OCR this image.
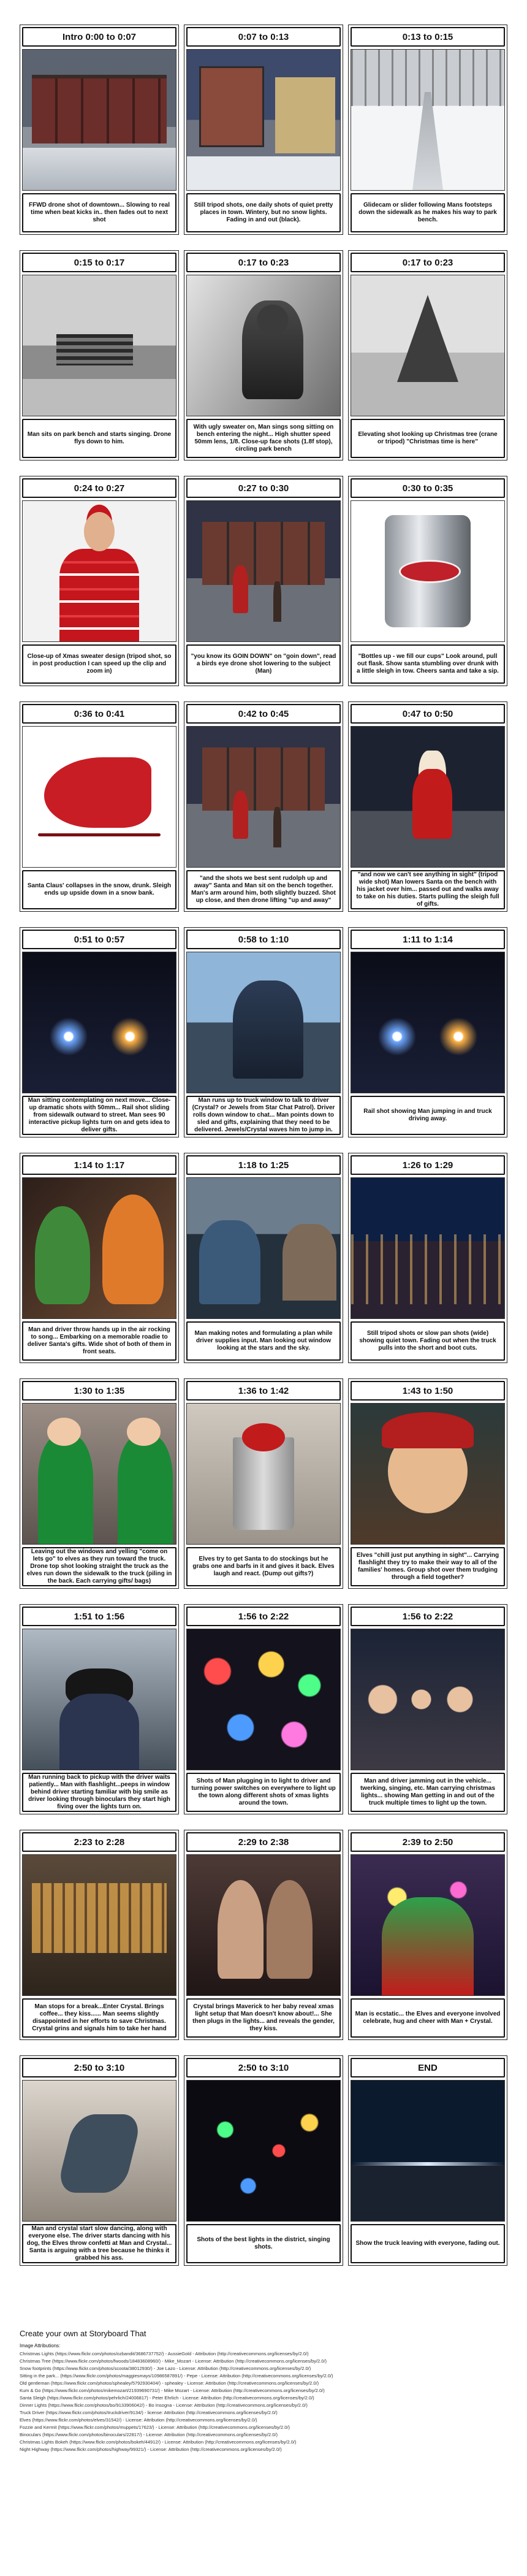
Intro 0:00 to 0:07
FFWD drone shot of downtown... Slowing to real time when beat kicks in.. then fades out to next shot
0:07 to 0:13
Still tripod shots, one daily shots of quiet pretty places in town. Wintery, but no snow lights. Fading in and out (black).
0:13 to 0:15
Glidecam or slider following Mans footsteps down the sidewalk as he makes his way to park bench.
0:15 to 0:17
Man sits on park bench and starts singing. Drone flys down to him.
0:17 to 0:23
With ugly sweater on, Man sings song sitting on bench entering the night... High shutter speed 50mm lens, 1/8. Close-up face shots (1.8f stop), circling park bench
0:17 to 0:23
Elevating shot looking up Christmas tree (crane or tripod) "Christmas time is here"
0:24 to 0:27
Close-up of Xmas sweater design (tripod shot, so in post production I can speed up the clip and zoom in)
0:27 to 0:30
"you know its GOIN DOWN" on "goin down", read a birds eye drone shot lowering to the subject (Man)
0:30 to 0:35
"Bottles up - we fill our cups" Look around, pull out flask. Show santa stumbling over drunk with a little sleigh in tow. Cheers santa and take a sip.
0:36 to 0:41
Santa Claus' collapses in the snow, drunk. Sleigh ends up upside down in a snow bank.
0:42 to 0:45
"and the shots we best sent rudolph up and away" Santa and Man sit on the bench together. Man's arm around him, both slightly buzzed. Shot up close, and then drone lifting "up and away"
0:47 to 0:50
"and now we can't see anything in sight" (tripod wide shot) Man lowers Santa on the bench with his jacket over him... passed out and walks away to take on his duties. Starts pulling the sleigh full of gifts.
0:51 to 0:57
Man sitting contemplating on next move... Close-up dramatic shots with 50mm... Rail shot sliding from sidewalk outward to street. Man sees 90 interactive pickup lights turn on and gets idea to deliver gifts.
0:58 to 1:10
Man runs up to truck window to talk to driver (Crystal? or Jewels from Star Chat Patrol). Driver rolls down window to chat... Man points down to sled and gifts, explaining that they need to be delivered. Jewels/Crystal waves him to jump in.
1:11 to 1:14
Rail shot showing Man jumping in and truck driving away.
1:14 to 1:17
Man and driver throw hands up in the air rocking to song... Embarking on a memorable roadie to deliver Santa's gifts. Wide shot of both of them in front seats.
1:18 to 1:25
Man making notes and formulating a plan while driver supplies input. Man looking out window looking at the stars and the sky.
1:26 to 1:29
Still tripod shots or slow pan shots (wide) showing quiet town. Fading out when the truck pulls into the short and boot cuts.
1:30 to 1:35
Leaving out the windows and yelling "come on lets go" to elves as they run toward the truck. Drone top shot looking straight the truck as the elves run down the sidewalk to the truck (piling in the back. Each carrying gifts/ bags)
1:36 to 1:42
Elves try to get Santa to do stockings but he grabs one and barfs in it and gives it back. Elves laugh and react. (Dump out gifts?)
1:43 to 1:50
Elves "chill just put anything in sight"... Carrying flashlight they try to make their way to all of the families' homes. Group shot over them trudging through a field together?
1:51 to 1:56
Man running back to pickup with the driver waits patiently... Man with flashlight...peeps in window behind driver starting familiar with big smile as driver looking through binoculars they start high fiving over the lights turn on.
1:56 to 2:22
Shots of Man plugging in to light to driver and turning power switches on everywhere to light up the town along different shots of xmas lights around the town.
1:56 to 2:22
Man and driver jamming out in the vehicle... twerking, singing, etc. Man carrying christmas lights... showing Man getting in and out of the truck multiple times to light up the town.
2:23 to 2:28
Man stops for a break...Enter Crystal. Brings coffee... they kiss...... Man seems slightly disappointed in her efforts to save Christmas. Crystal grins and signals him to take her hand
2:29 to 2:38
Crystal brings Maverick to her baby reveal xmas light setup that Man doesn't know about!... She then plugs in the lights... and reveals the gender, they kiss.
2:39 to 2:50
Man is ecstatic... the Elves and everyone involved celebrate, hug and cheer with Man + Crystal.
2:50 to 3:10
Man and crystal start slow dancing, along with everyone else. The driver starts dancing with his dog, the Elves throw confetti at Man and Crystal... Santa is arguing with a tree because he thinks it grabbed his ass.
2:50 to 3:10
Shots of the best lights in the district, singing shots.
END
Show the truck leaving with everyone, fading out.
Create your own at Storyboard That
Image Attributions:
Christmas Lights (https://www.flickr.com/photos/ozbandit/3686737752/) - AussieGold - Attribution (http://creativecommons.org/licenses/by/2.0/)
Christmas Tree (https://www.flickr.com/photos/fwoods/18483608960/) - Mike_Mozart - License: Attribution (http://creativecommons.org/licenses/by/2.0/)
Snow footprints (https://www.flickr.com/photos/scoota/38012930/) - Joe Lazo - License: Attribution (http://creativecommons.org/licenses/by/2.0/)
Sitting in the park... (https://www.flickr.com/photos/maggiesmays/10986587891/) - Pepe - License: Attribution (http://creativecommons.org/licenses/by/2.0/)
Old gentleman (https://www.flickr.com/photos/sphealey/5792930404/) - sphealey - License: Attribution (http://creativecommons.org/licenses/by/2.0/)
Kum & Go (https://www.flickr.com/photos/mikemozart/21939690731/) - Mike Mozart - License: Attribution (http://creativecommons.org/licenses/by/2.0/)
Santa Sleigh (https://www.flickr.com/photos/pehrlich/24006817) - Peter Ehrlich - License: Attribution (http://creativecommons.org/licenses/by/2.0/)
Dinner Lights (https://www.flickr.com/photos/bo/9133906042/) - Bo Insogna - License: Attribution (http://creativecommons.org/licenses/by/2.0/)
Truck Driver (https://www.flickr.com/photos/truckdriver/9134/) - license: Attribution (http://creativecommons.org/licenses/by/2.0/)
Elves (https://www.flickr.com/photos/elves/31542/) - License: Attribution (http://creativecommons.org/licenses/by/2.0/)
Fozzie and Kermit (https://www.flickr.com/photos/muppets/17623/) - License: Attribution (http://creativecommons.org/licenses/by/2.0/)
Binoculars (https://www.flickr.com/photos/binoculars/22817/) - License: Attribution (http://creativecommons.org/licenses/by/2.0/)
Christmas Lights Bokeh (https://www.flickr.com/photos/bokeh/44912/) - License: Attribution (http://creativecommons.org/licenses/by/2.0/)
Night Highway (https://www.flickr.com/photos/highway/99321/) - License: Attribution (http://creativecommons.org/licenses/by/2.0/)
